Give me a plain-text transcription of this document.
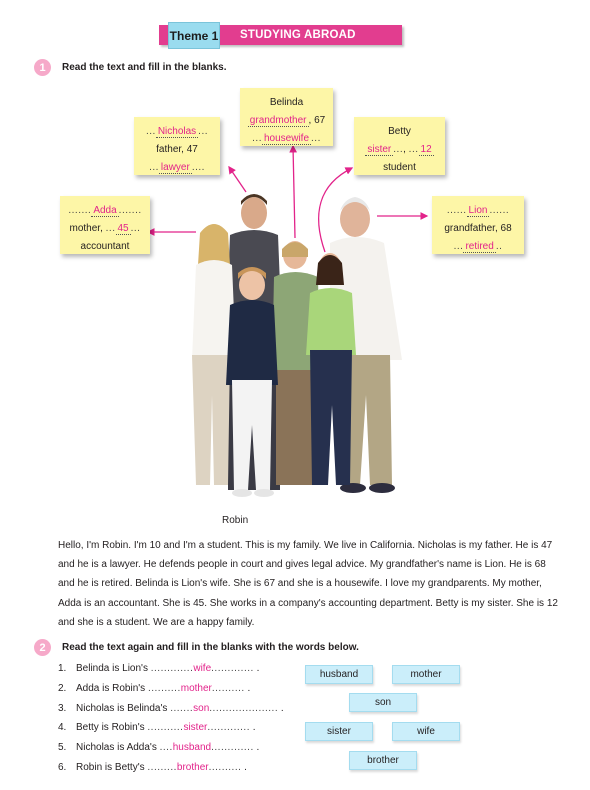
Theme 1 STUDYING ABROAD
1	Read the text and fill in the blanks.
....... Adda .......
mother, ... 45 ...
accountant
... Nicholas ...
father, 47
... lawyer ....
Belinda
grandmother , 67
... housewife ...
Betty
sister ..., ... 12
student
...... Lion ......
grandfather, 68
... retired ..
Robin
Hello, I'm Robin. I'm 10 and I'm a student. This is my family. We live in California. Nicholas is my father. He is 47 and he is a lawyer. He defends people in court and gives legal advice. My grandfather's name is Lion. He is 68 and he is retired. Belinda is Lion's wife. She is 67 and she is a housewife. I love my grandparents. My mother, Adda is an accountant. She is 45. She works in a company's accounting department. Betty is my sister. She is 12 and she is a student. We are a happy family.
2	Read the text again and fill in the blanks with the words below.
1. Belinda is Lion's .............wife............. .
2. Adda is Robin's ..........mother.......... .
3. Nicholas is Belinda's .......son..................... .
4. Betty is Robin's ...........sister............. .
5. Nicholas is Adda's ....husband............. .
6. Robin is Betty's .........brother.......... .
husband	mother
son
sister	wife
brother
